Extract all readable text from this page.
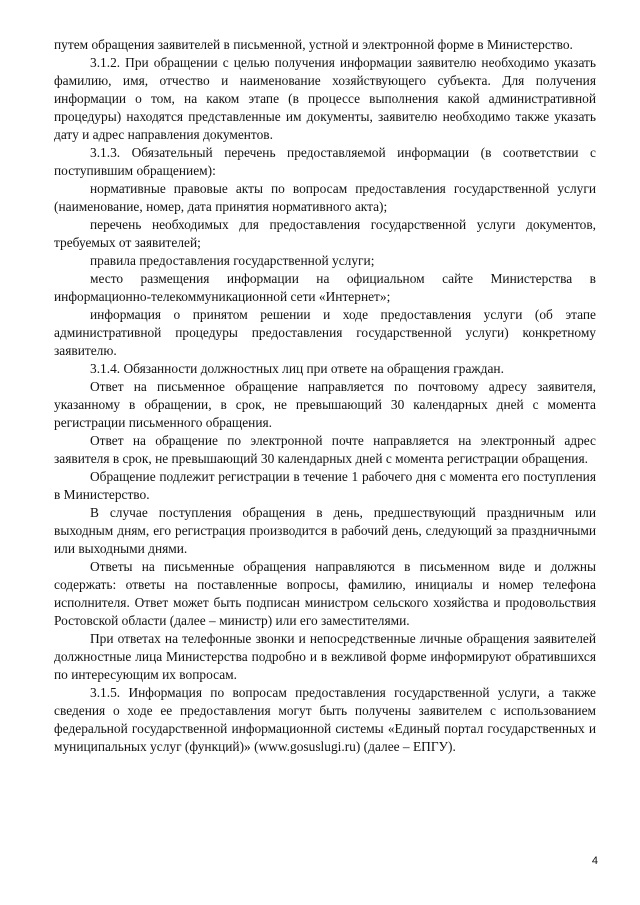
путем обращения заявителей в письменной, устной и электронной форме в Министерство.

3.1.2. При обращении с целью получения информации заявителю необходимо указать фамилию, имя, отчество и наименование хозяйствующего субъекта. Для получения информации о том, на каком этапе (в процессе выполнения какой административной процедуры) находятся представленные им документы, заявителю необходимо также указать дату и адрес направления документов.

3.1.3. Обязательный перечень предоставляемой информации (в соответствии с поступившим обращением):

нормативные правовые акты по вопросам предоставления государственной услуги (наименование, номер, дата принятия нормативного акта);

перечень необходимых для предоставления государственной услуги документов, требуемых от заявителей;

правила предоставления государственной услуги;

место размещения информации на официальном сайте Министерства в информационно-телекоммуникационной сети «Интернет»;

информация о принятом решении и ходе предоставления услуги (об этапе административной процедуры предоставления государственной услуги) конкретному заявителю.

3.1.4. Обязанности должностных лиц при ответе на обращения граждан.

Ответ на письменное обращение направляется по почтовому адресу заявителя, указанному в обращении, в срок, не превышающий 30 календарных дней с момента регистрации письменного обращения.

Ответ на обращение по электронной почте направляется на электронный адрес заявителя в срок, не превышающий 30 календарных дней с момента регистрации обращения.

Обращение подлежит регистрации в течение 1 рабочего дня с момента его поступления в Министерство.

В случае поступления обращения в день, предшествующий праздничным или выходным дням, его регистрация производится в рабочий день, следующий за праздничными или выходными днями.

Ответы на письменные обращения направляются в письменном виде и должны содержать: ответы на поставленные вопросы, фамилию, инициалы и номер телефона исполнителя. Ответ может быть подписан министром сельского хозяйства и продовольствия Ростовской области (далее – министр) или его заместителями.

При ответах на телефонные звонки и непосредственные личные обращения заявителей должностные лица Министерства подробно и в вежливой форме информируют обратившихся по интересующим их вопросам.

3.1.5. Информация по вопросам предоставления государственной услуги, а также сведения о ходе ее предоставления могут быть получены заявителем с использованием федеральной государственной информационной системы «Единый портал государственных и муниципальных услуг (функций)» (www.gosuslugi.ru) (далее – ЕПГУ).

4
